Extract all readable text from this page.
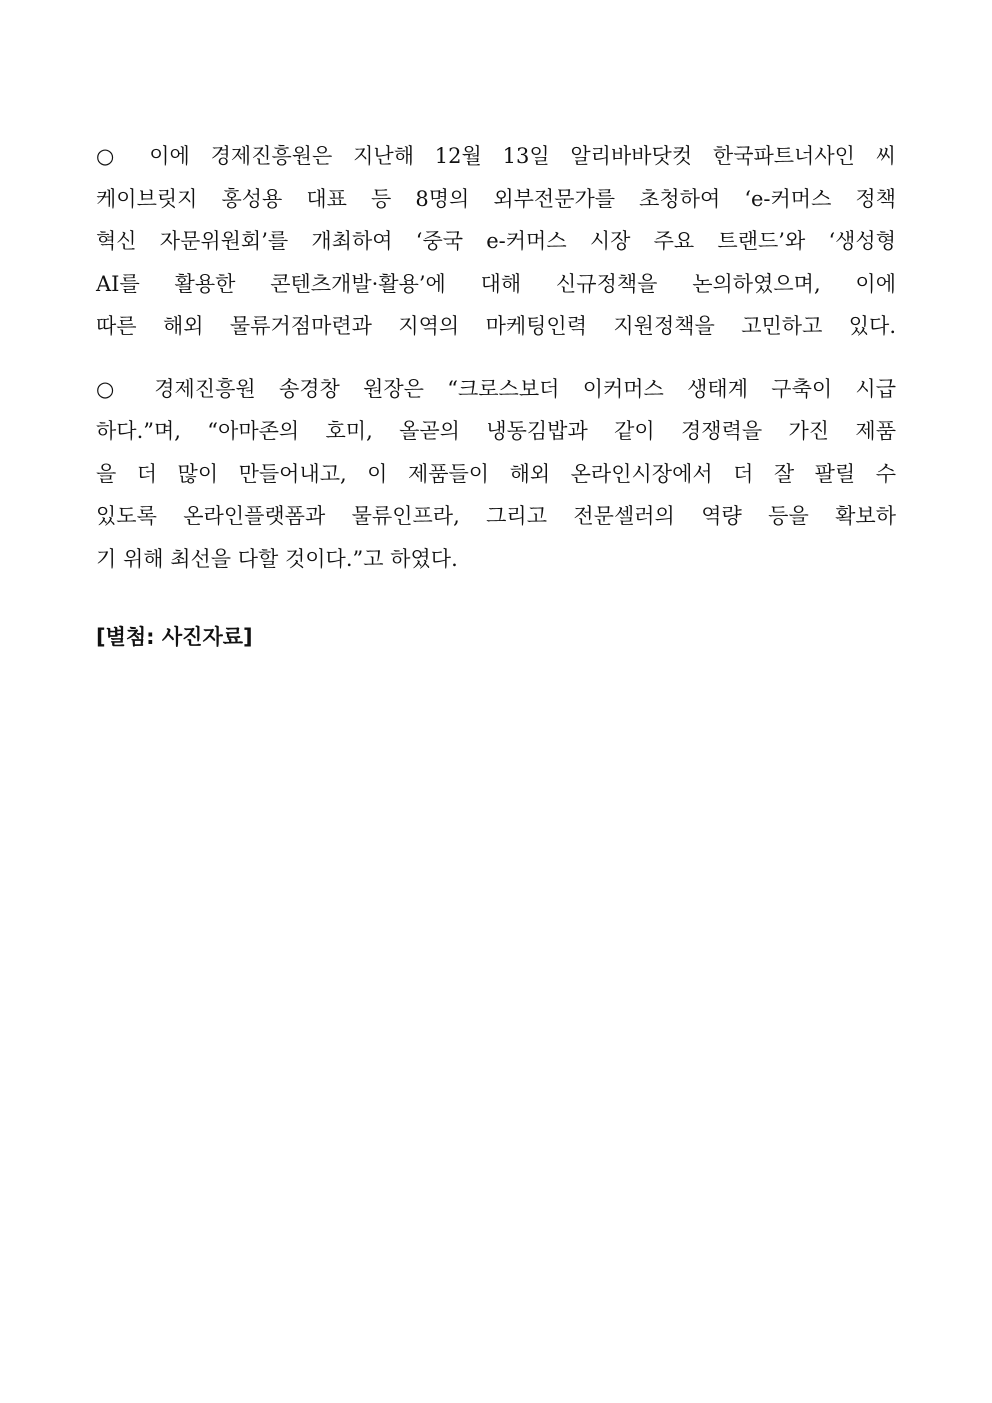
○ 이에 경제진흥원은 지난해 12월 13일 알리바바닷컷 한국파트너사인 씨
케이브릿지 홍성용 대표 등 8명의 외부전문가를 초청하여 ‘e-커머스 정책
혁신 자문위원회’를 개최하여 ‘중국 e-커머스 시장 주요 트랜드’와 ‘생성형
AI를 활용한 콘텐츠개발·활용’에 대해 신규정책을 논의하였으며, 이에
따른 해외 물류거점마련과 지역의 마케팅인력 지원정책을 고민하고 있다.
○ 경제진흥원 송경창 원장은 “크로스보더 이커머스 생태계 구축이 시급
하다.”며, “아마존의 호미, 올곧의 냉동김밥과 같이 경쟁력을 가진 제품
을 더 많이 만들어내고, 이 제품들이 해외 온라인시장에서 더 잘 팔릴 수
있도록 온라인플랫폼과 물류인프라, 그리고 전문셀러의 역량 등을 확보하
기 위해 최선을 다할 것이다.”고 하였다.
[별첨: 사진자료]
